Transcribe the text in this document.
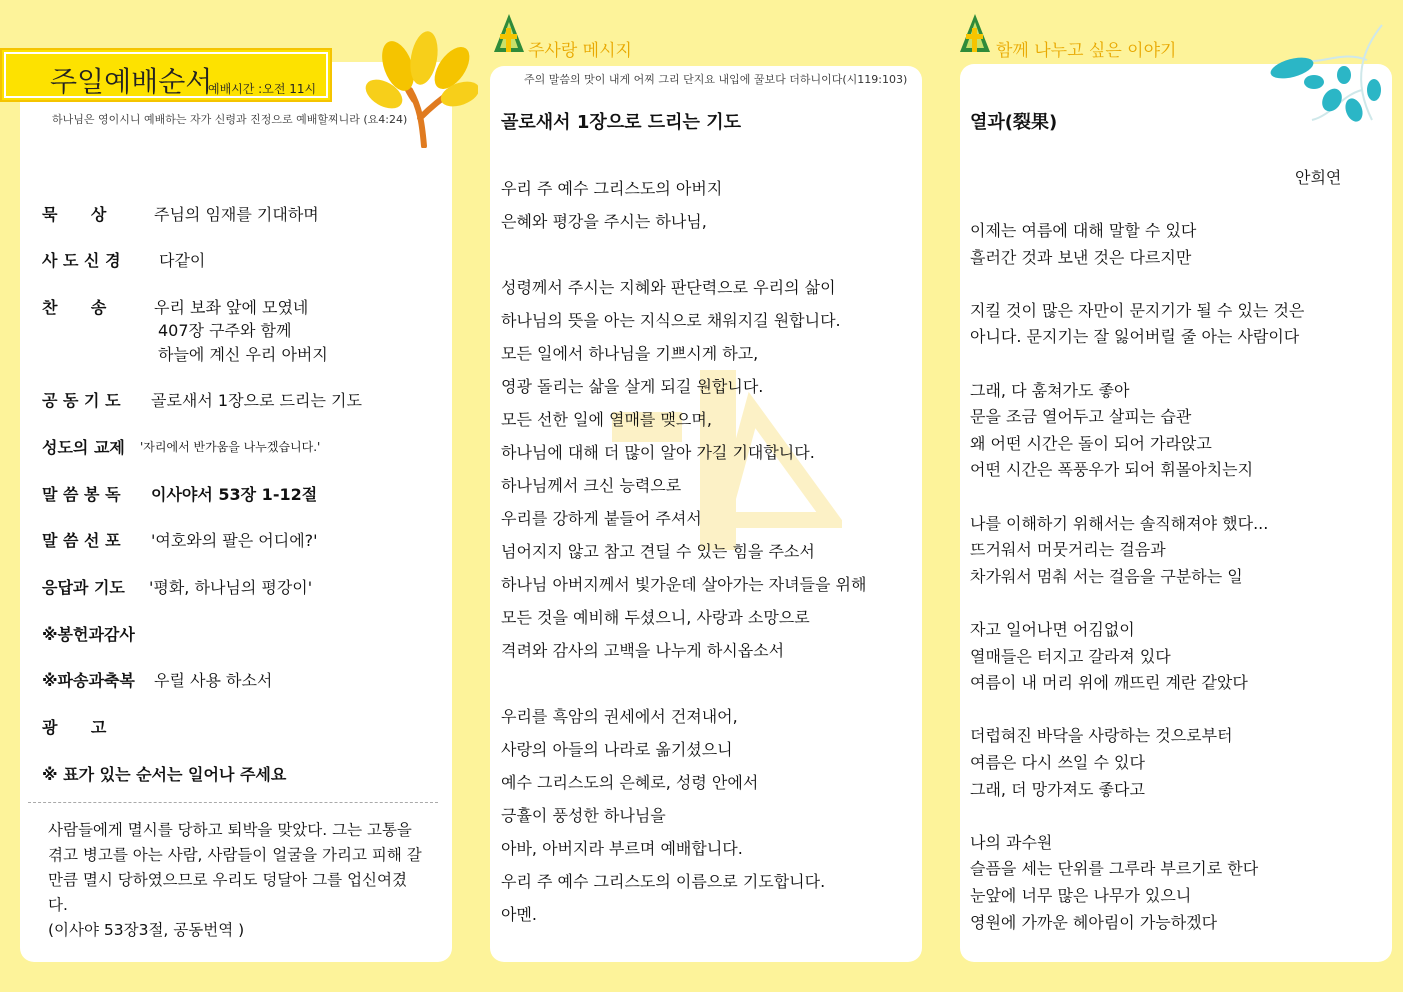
주일예배순서
예배시간 :오전 11시
하나님은 영이시니 예배하는 자가 신령과 진정으로 예배할찌니라 (요4:24)
묵      상	주님의 임재를 기대하며
사 도 신 경 다같이
찬      송	우리 보좌 앞에 모였네
407장 구주와 함께
하늘에 계신 우리 아버지
공 동 기 도 골로새서 1장으로 드리는 기도
성도의 교제 '자리에서 반가움을 나누겠습니다.'
말 씀 봉 독 이사야서 53장 1-12절
말 씀 선 포 '여호와의 팔은 어디에?'
응답과 기도 '평화, 하나님의 평강이'
※봉헌과감사
※파송과축복 우릴 사용 하소서
광      고
※ 표가 있는 순서는 일어나 주세요
사람들에게 멸시를 당하고 퇴박을 맞았다. 그는 고통을 겪고 병고를 아는 사람, 사람들이 얼굴을 가리고 피해 갈 만큼 멸시 당하였으므로 우리도 덩달아 그를 업신여겼다.
(이사야 53장3절, 공동번역 )
주사랑 메시지
주의 말씀의 맛이 내게 어찌 그리 단지요 내입에 꿀보다 더하니이다(시119:103)
골로새서 1장으로 드리는 기도
우리 주 예수 그리스도의 아버지
은혜와 평강을 주시는 하나님,
성령께서 주시는 지혜와 판단력으로 우리의 삶이
하나님의 뜻을 아는 지식으로 채워지길 원합니다.
모든 일에서 하나님을 기쁘시게 하고,
영광 돌리는 삶을 살게 되길 원합니다.
모든 선한 일에 열매를 맺으며,
하나님에 대해 더 많이 알아 가길 기대합니다.
하나님께서 크신 능력으로
우리를 강하게 붙들어 주셔서
넘어지지 않고 참고 견딜 수 있는 힘을 주소서
하나님 아버지께서 빛가운데 살아가는 자녀들을 위해
모든 것을 예비해 두셨으니, 사랑과 소망으로
격려와 감사의 고백을 나누게 하시옵소서
우리를 흑암의 권세에서 건져내어,
사랑의 아들의 나라로 옮기셨으니
예수 그리스도의 은혜로, 성령 안에서
긍휼이 풍성한 하나님을
아바, 아버지라 부르며 예배합니다.
우리 주 예수 그리스도의 이름으로 기도합니다.
아멘.
함께 나누고 싶은 이야기
열과(裂果)
안희연
이제는 여름에 대해 말할 수 있다
흘러간 것과 보낸 것은 다르지만
지킬 것이 많은 자만이 문지기가 될 수 있는 것은
아니다. 문지기는 잘 잃어버릴 줄 아는 사람이다
그래, 다 훔쳐가도 좋아
문을 조금 열어두고 살피는 습관
왜 어떤 시간은 돌이 되어 가라앉고
어떤 시간은 폭풍우가 되어 휘몰아치는지
나를 이해하기 위해서는 솔직해져야 했다...
뜨거워서 머뭇거리는 걸음과
차가워서 멈춰 서는 걸음을 구분하는 일
자고 일어나면 어김없이
열매들은 터지고 갈라져 있다
여름이 내 머리 위에 깨뜨린 계란 같았다
더럽혀진 바닥을 사랑하는 것으로부터
여름은 다시 쓰일 수 있다
그래, 더 망가져도 좋다고
나의 과수원
슬픔을 세는 단위를 그루라 부르기로 한다
눈앞에 너무 많은 나무가 있으니
영원에 가까운 헤아림이 가능하겠다
